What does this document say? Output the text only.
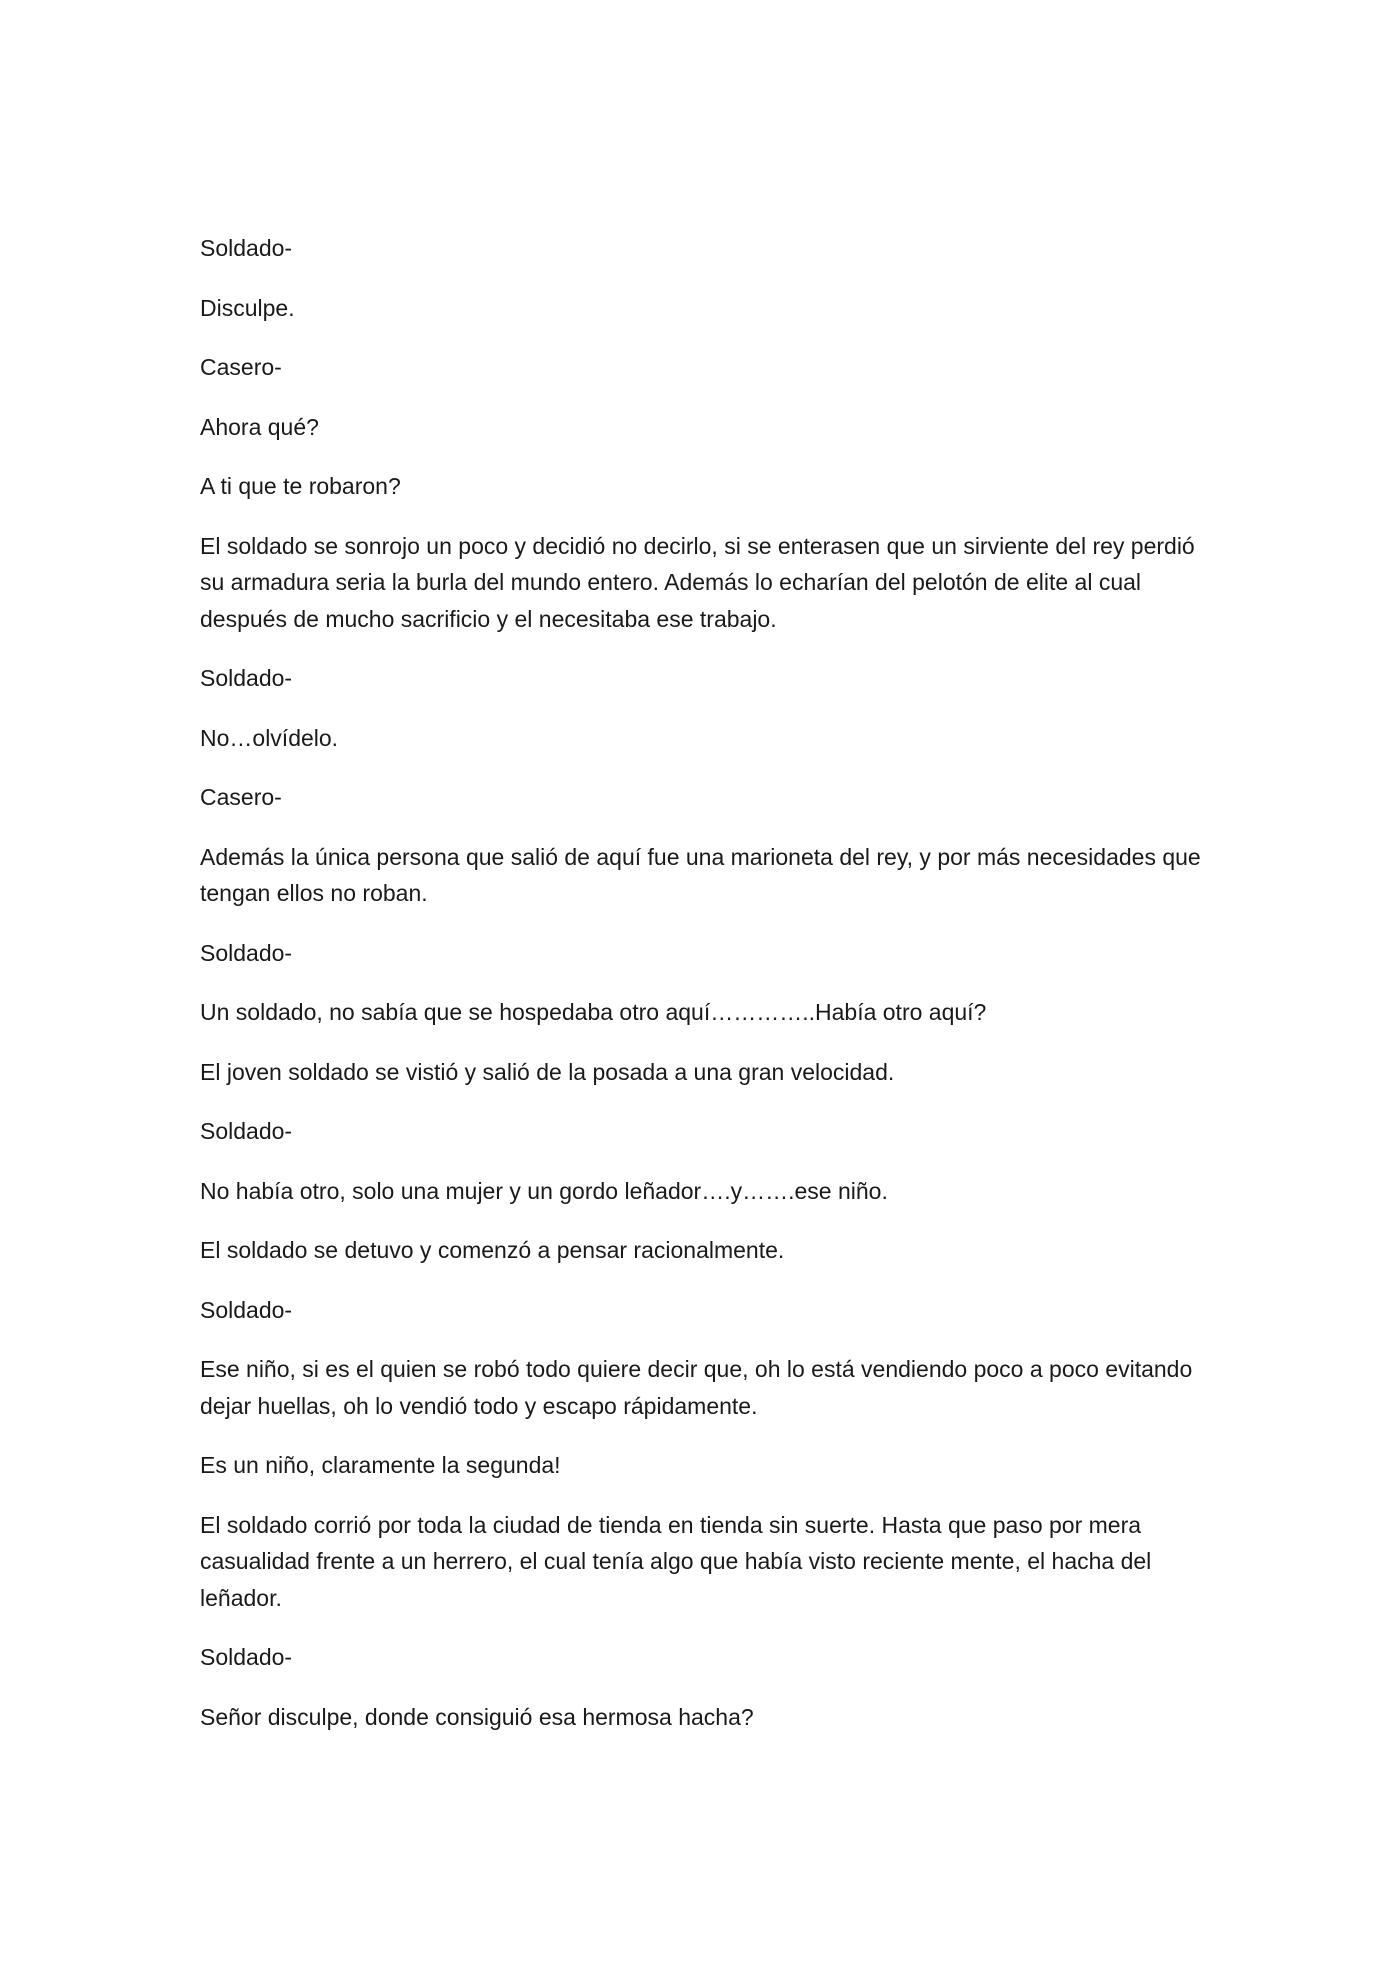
Soldado-

Disculpe.

Casero-

Ahora qué?

A ti que te robaron?

El soldado se sonrojo un poco y decidió no decirlo, si se enterasen que un sirviente del rey perdió su armadura seria la burla del mundo entero. Además lo echarían del pelotón de elite al cual después de mucho sacrificio y el necesitaba ese trabajo.

Soldado-

No…olvídelo.

Casero-

Además la única persona que salió de aquí fue una marioneta del rey, y por más necesidades que tengan ellos no roban.

Soldado-

Un soldado, no sabía que se hospedaba otro aquí…………..Había otro aquí?

El joven soldado se vistió y salió de la posada a una gran velocidad.

Soldado-

No había otro, solo una mujer y un gordo leñador….y…….ese niño.

El soldado se detuvo y comenzó a pensar racionalmente.

Soldado-

Ese niño, si es el quien se robó todo quiere decir que, oh lo está vendiendo poco a poco evitando dejar huellas, oh lo vendió todo y escapo rápidamente.

Es un niño, claramente la segunda!

El soldado corrió por toda la ciudad de tienda en tienda sin suerte. Hasta que paso por mera casualidad frente a un herrero, el cual tenía algo que había visto reciente mente, el hacha del leñador.

Soldado-

Señor disculpe, donde consiguió esa hermosa hacha?
